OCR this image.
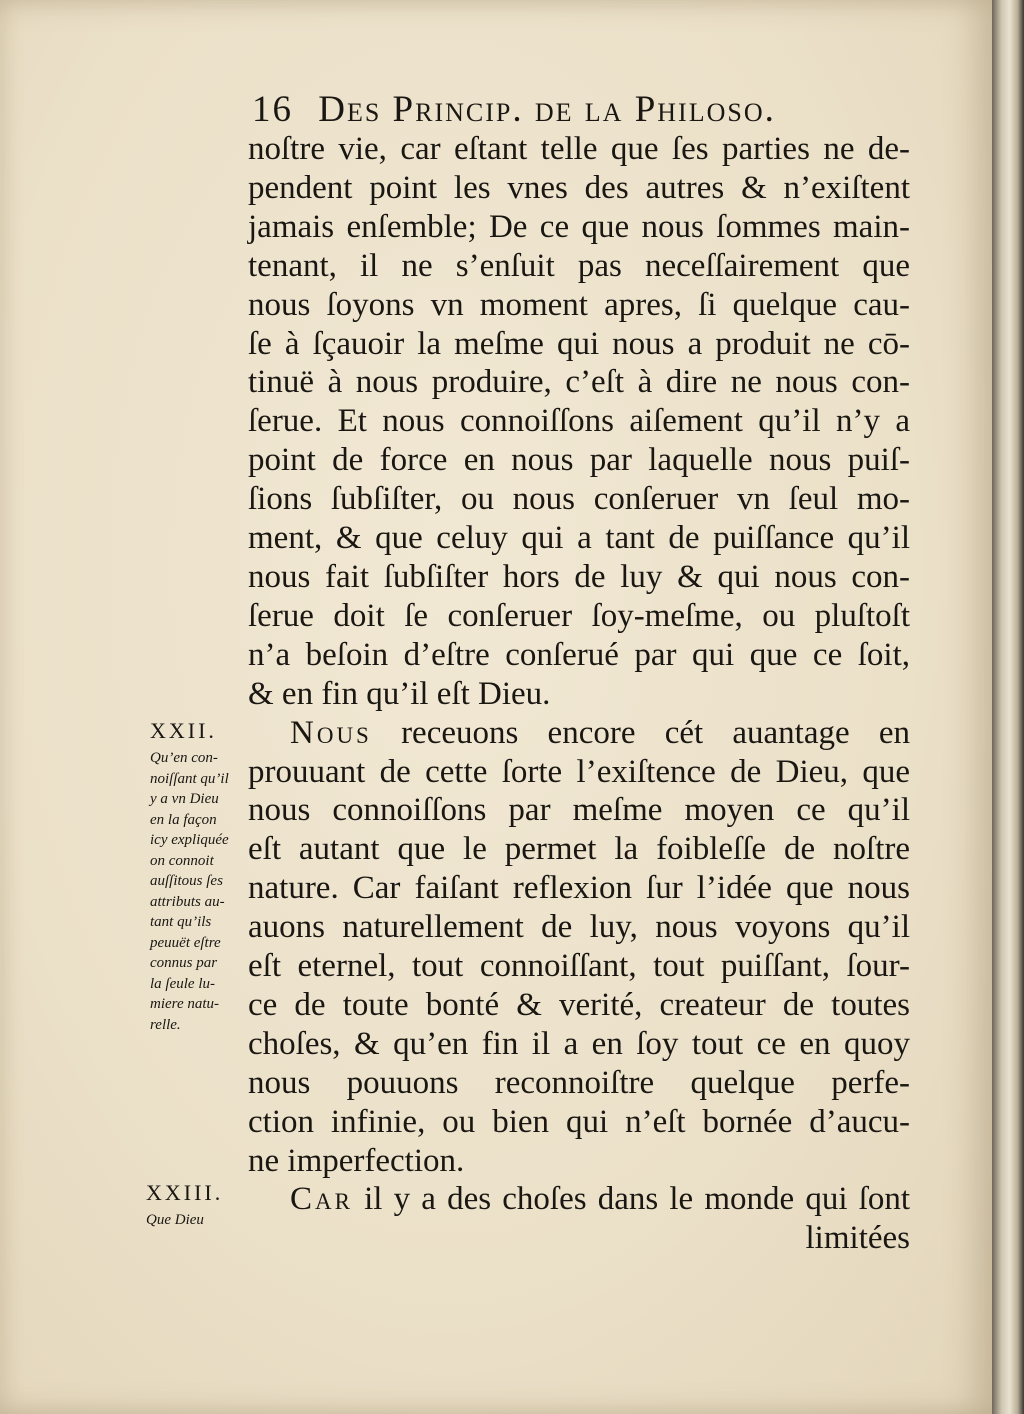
16 Des Princip. de la Philoso.
noſtre vie, car eſtant telle que ſes parties ne de-
pendent point les vnes des autres & n’exiſtent
jamais enſemble; De ce que nous ſommes main-
tenant, il ne s’enſuit pas neceſſairement que
nous ſoyons vn moment apres, ſi quelque cau-
ſe à ſçauoir la meſme qui nous a produit ne cō-
tinuë à nous produire, c’eſt à dire ne nous con-
ſerue. Et nous connoiſſons aiſement qu’il n’y a
point de force en nous par laquelle nous puiſ-
ſions ſubſiſter, ou nous conſeruer vn ſeul mo-
ment, & que celuy qui a tant de puiſſance qu’il
nous fait ſubſiſter hors de luy & qui nous con-
ſerue doit ſe conſeruer ſoy-meſme, ou pluſtoſt
n’a beſoin d’eſtre conſerué par qui que ce ſoit,
& en fin qu’il eſt Dieu.
Nous receuons encore cét auantage en
prouuant de cette ſorte l’exiſtence de Dieu, que
nous connoiſſons par meſme moyen ce qu’il
eſt autant que le permet la foibleſſe de noſtre
nature. Car faiſant reflexion ſur l’idée que nous
auons naturellement de luy, nous voyons qu’il
eſt eternel, tout connoiſſant, tout puiſſant, ſour-
ce de toute bonté & verité, createur de toutes
choſes, & qu’en fin il a en ſoy tout ce en quoy
nous pouuons reconnoiſtre quelque perfe-
ction infinie, ou bien qui n’eſt bornée d’aucu-
ne imperfection.
Car il y a des choſes dans le monde qui ſont
limitées
XXII.
Qu’en con-
noiſſant qu’il
y a vn Dieu
en la façon
icy expliquée
on connoit
auſſitous ſes
attributs au-
tant qu’ils
peuuët eſtre
connus par
la ſeule lu-
miere natu-
relle.
XXIII.
Que Dieu
